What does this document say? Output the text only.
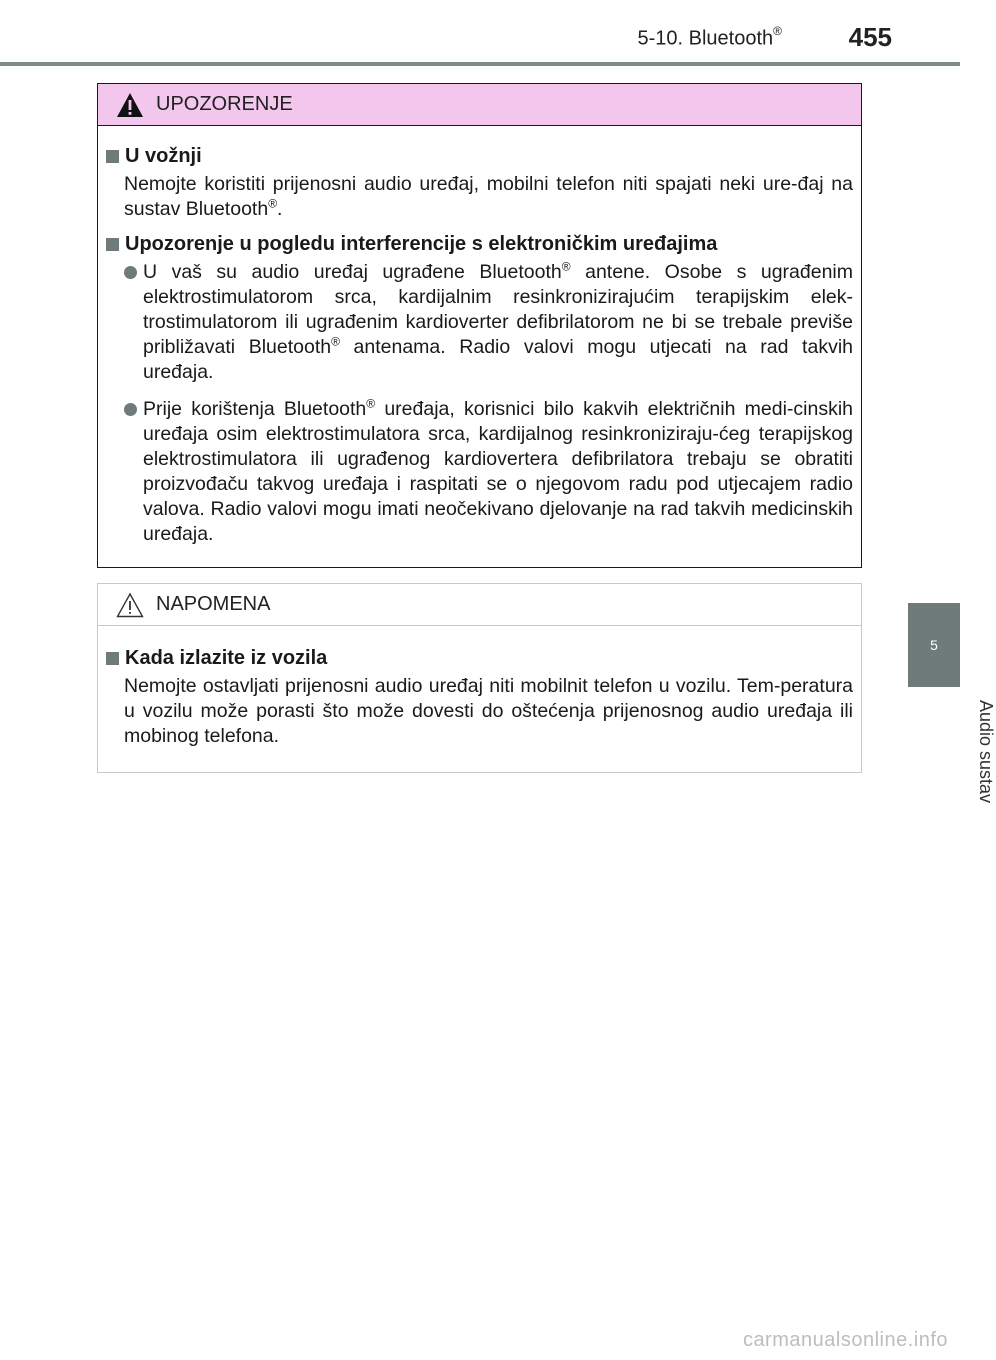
5-10. Bluetooth®	455
5
Audio sustav
UPOZORENJE
U vožnji

Nemojte koristiti prijenosni audio uređaj, mobilni telefon niti spajati neki ure-đaj na sustav Bluetooth®.

Upozorenje u pogledu interferencije s elektroničkim uređajima
U vaš su audio uređaj ugrađene Bluetooth® antene. Osobe s ugrađenim elektrostimulatorom srca, kardijalnim resinkronizirajućim terapijskim elek-trostimulatorom ili ugrađenim kardioverter defibrilatorom ne bi se trebale previše približavati Bluetooth® antenama. Radio valovi mogu utjecati na rad takvih uređaja.
Prije korištenja Bluetooth® uređaja, korisnici bilo kakvih električnih medi-cinskih uređaja osim elektrostimulatora srca, kardijalnog resinkroniziraju-ćeg terapijskog elektrostimulatora ili ugrađenog kardiovertera defibrilatora trebaju se obratiti proizvođaču takvog uređaja i raspitati se o njegovom radu pod utjecajem radio valova. Radio valovi mogu imati neočekivano djelovanje na rad takvih medicinskih uređaja.
NAPOMENA
Kada izlazite iz vozila

Nemojte ostavljati prijenosni audio uređaj niti mobilnit telefon u vozilu. Tem-peratura u vozilu može porasti što može dovesti do oštećenja prijenosnog audio uređaja ili mobinog telefona.

carmanualsonline.info
